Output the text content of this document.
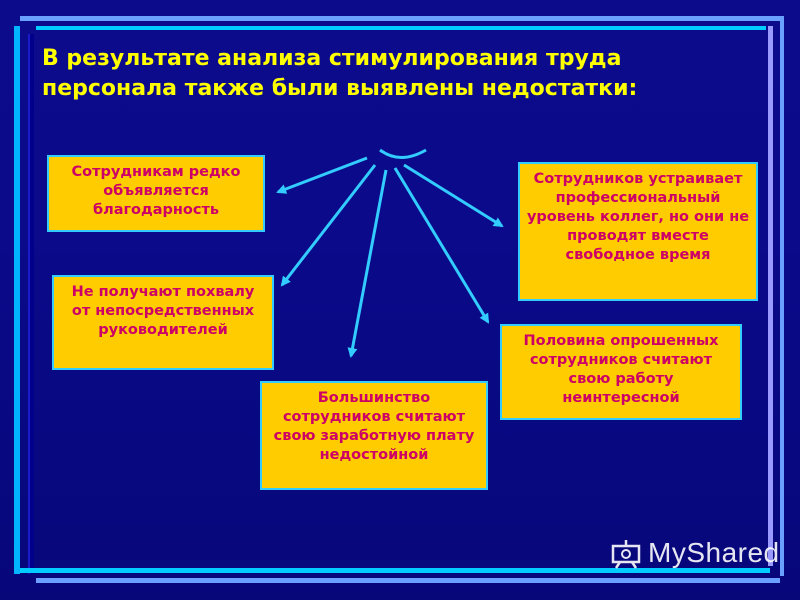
В результате анализа стимулирования труда персонала также были выявлены недостатки:
Сотрудникам редко объявляется благодарность
Не получают похвалу от непосредственных руководителей
Большинство сотрудников считают свою заработную плату недостойной
Половина опрошенных сотрудников считают свою работу неинтересной
Сотрудников устраивает профессиональный уровень коллег, но они не проводят вместе свободное время
MyShared
